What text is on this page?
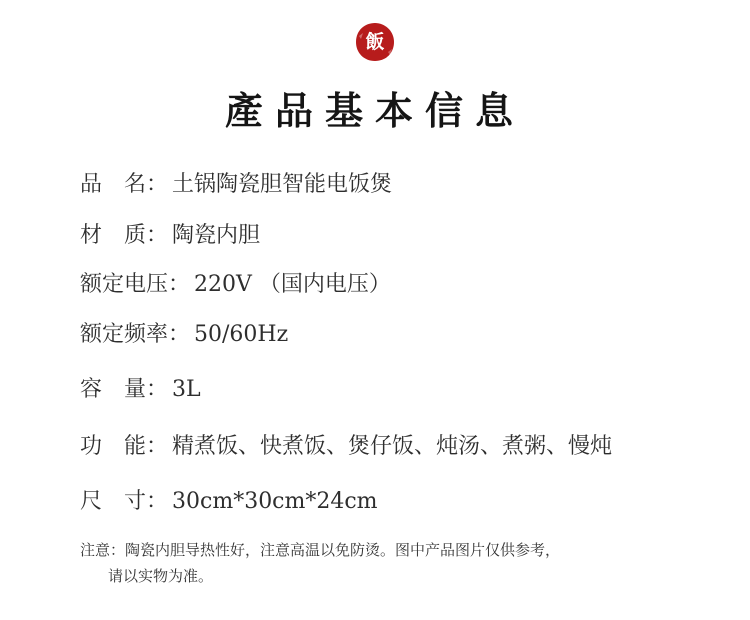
飯
產品基本信息
品　名： 土锅陶瓷胆智能电饭煲
材　质： 陶瓷内胆
额定电压： 220V （国内电压）
额定频率： 50/60Hz
容　量： 3L
功　能： 精煮饭、快煮饭、煲仔饭、炖汤、煮粥、慢炖
尺　寸： 30cm*30cm*24cm
注意：陶瓷内胆导热性好，注意高温以免防烫。图中产品图片仅供参考，
请以实物为准。
